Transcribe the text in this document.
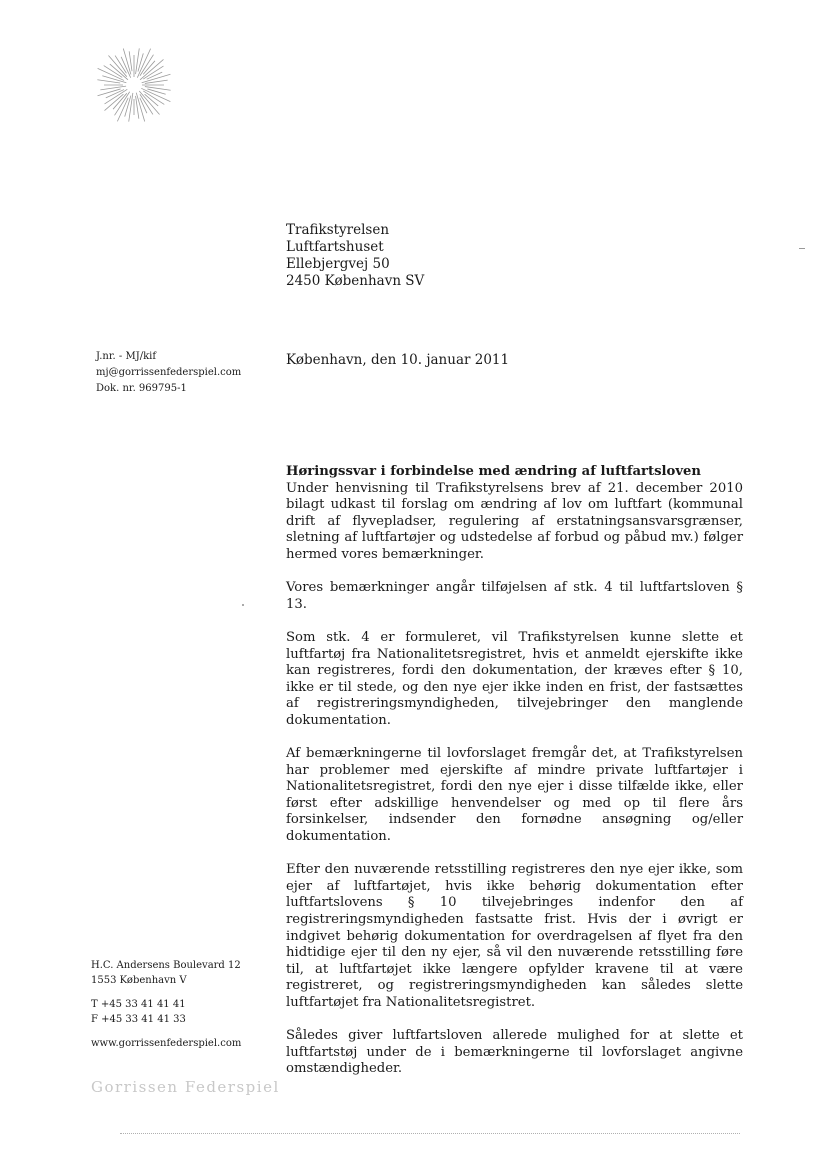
Trafikstyrelsen
Luftfartshuset
Ellebjergvej 50
2450 København SV
J.nr. - MJ/kif
mj@gorrissenfederspiel.com
Dok. nr. 969795-1
København, den 10. januar 2011
Høringssvar i forbindelse med ændring af luftfartsloven

Under henvisning til Trafikstyrelsens brev af 21. december 2010 bilagt udkast til forslag om ændring af lov om luftfart (kommunal drift af flyvepladser, regulering af erstatningsansvarsgrænser, sletning af luftfartøjer og udstedelse af forbud og påbud mv.) følger hermed vores bemærkninger.

Vores bemærkninger angår tilføjelsen af stk. 4 til luftfartsloven § 13.

Som stk. 4 er formuleret, vil Trafikstyrelsen kunne slette et luftfartøj fra Nationalitetsregistret, hvis et anmeldt ejerskifte ikke kan registreres, fordi den dokumentation, der kræves efter § 10, ikke er til stede, og den nye ejer ikke inden en frist, der fastsættes af registreringsmyndigheden, tilvejebringer den manglende dokumentation.

Af bemærkningerne til lovforslaget fremgår det, at Trafikstyrelsen har problemer med ejerskifte af mindre private luftfartøjer i Nationalitetsregistret, fordi den nye ejer i disse tilfælde ikke, eller først efter adskillige henvendelser og med op til flere års forsinkelser, indsender den fornødne ansøgning og/eller dokumentation.

Efter den nuværende retsstilling registreres den nye ejer ikke, som ejer af luftfartøjet, hvis ikke behørig dokumentation efter luftfartslovens § 10 tilvejebringes indenfor den af registreringsmyndigheden fastsatte frist. Hvis der i øvrigt er indgivet behørig dokumentation for overdragelsen af flyet fra den hidtidige ejer til den ny ejer, så vil den nuværende retsstilling føre til, at luftfartøjet ikke længere opfylder kravene til at være registreret, og registreringsmyndigheden kan således slette luftfartøjet fra Nationalitetsregistret.

Således giver luftfartsloven allerede mulighed for at slette et luftfartstøj under de i bemærkningerne til lovforslaget angivne omstændigheder.

H.C. Andersens Boulevard 12
1553 København V
T +45 33 41 41 41
F +45 33 41 41 33
www.gorrissenfederspiel.com
Gorrissen Federspiel
